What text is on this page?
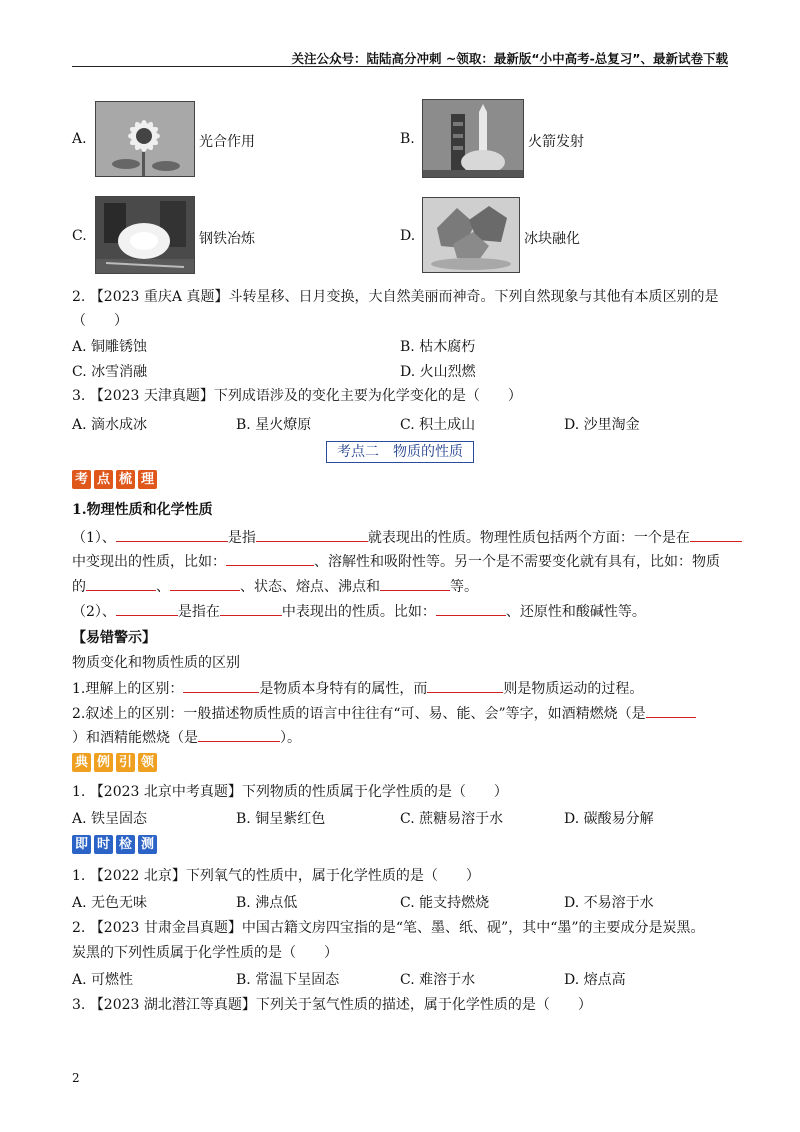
关注公众号：陆陆高分冲刺 ~领取：最新版“小中高考-总复习”、最新试卷下载
A.	光合作用	B.	火箭发射
C.	钢铁冶炼	D.	冰块融化
2. 【2023 重庆A 真题】斗转星移、日月变换，大自然美丽而神奇。下列自然现象与其他有本质区别的是
（　　）
A. 铜雕锈蚀	B. 枯木腐朽
C. 冰雪消融	D. 火山烈燃
3. 【2023 天津真题】下列成语涉及的变化主要为化学变化的是（　　）
A. 滴水成冰	B. 星火燎原	C. 积土成山	D. 沙里淘金
考点二　物质的性质
考 点 梳 理
1.物理性质和化学性质
（1）、	是指	就表现出的性质。物理性质包括两个方面：一个是在
中变现出的性质，比如：	、溶解性和吸附性等。另一个是不需要变化就有具有，比如：物质
的	、	、状态、熔点、沸点和	等。
（2）、	是指在	中表现出的性质。比如：	、还原性和酸碱性等。
【易错警示】
物质变化和物质性质的区别
1.理解上的区别：	是物质本身特有的属性，而	则是物质运动的过程。
2.叙述上的区别：一般描述物质性质的语言中往往有“可、易、能、会”等字，如酒精燃烧（是
）和酒精能燃烧（是	）。
典 例 引 领
1. 【2023 北京中考真题】下列物质的性质属于化学性质的是（　　）
A. 铁呈固态	B. 铜呈紫红色	C. 蔗糖易溶于水	D. 碳酸易分解
即 时 检 测
1. 【2022 北京】下列氧气的性质中，属于化学性质的是（　　）
A. 无色无味	B. 沸点低	C. 能支持燃烧	D. 不易溶于水
2. 【2023 甘肃金昌真题】中国古籍文房四宝指的是“笔、墨、纸、砚”，其中“墨”的主要成分是炭黑。
炭黑的下列性质属于化学性质的是（　　）
A. 可燃性	B. 常温下呈固态	C. 难溶于水	D. 熔点高
3. 【2023 湖北潜江等真题】下列关于氢气性质的描述，属于化学性质的是（　　）
2
